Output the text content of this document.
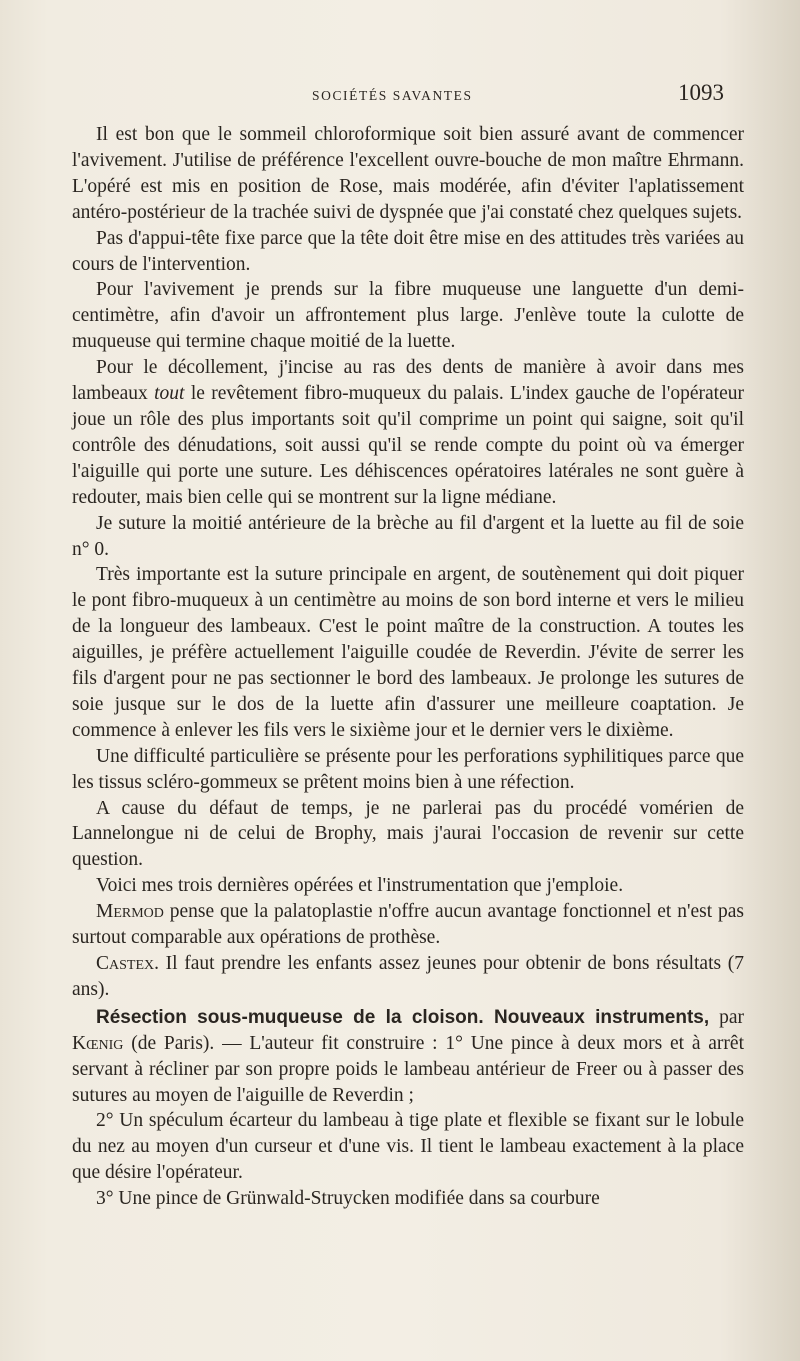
SOCIÉTÉS SAVANTES	1093

Il est bon que le sommeil chloroformique soit bien assuré avant de commencer l'avivement. J'utilise de préférence l'excellent ouvre-bouche de mon maître Ehrmann. L'opéré est mis en position de Rose, mais modérée, afin d'éviter l'aplatissement antéro-postérieur de la trachée suivi de dyspnée que j'ai constaté chez quelques sujets.

Pas d'appui-tête fixe parce que la tête doit être mise en des attitudes très variées au cours de l'intervention.

Pour l'avivement je prends sur la fibre muqueuse une languette d'un demi-centimètre, afin d'avoir un affrontement plus large. J'enlève toute la culotte de muqueuse qui termine chaque moitié de la luette.

Pour le décollement, j'incise au ras des dents de manière à avoir dans mes lambeaux tout le revêtement fibro-muqueux du palais. L'index gauche de l'opérateur joue un rôle des plus importants soit qu'il comprime un point qui saigne, soit qu'il contrôle des dénudations, soit aussi qu'il se rende compte du point où va émerger l'aiguille qui porte une suture. Les déhiscences opératoires latérales ne sont guère à redouter, mais bien celle qui se montrent sur la ligne médiane.

Je suture la moitié antérieure de la brèche au fil d'argent et la luette au fil de soie n° 0.

Très importante est la suture principale en argent, de soutènement qui doit piquer le pont fibro-muqueux à un centimètre au moins de son bord interne et vers le milieu de la longueur des lambeaux. C'est le point maître de la construction. A toutes les aiguilles, je préfère actuellement l'aiguille coudée de Reverdin. J'évite de serrer les fils d'argent pour ne pas sectionner le bord des lambeaux. Je prolonge les sutures de soie jusque sur le dos de la luette afin d'assurer une meilleure coaptation. Je commence à enlever les fils vers le sixième jour et le dernier vers le dixième.

Une difficulté particulière se présente pour les perforations syphilitiques parce que les tissus scléro-gommeux se prêtent moins bien à une réfection.

A cause du défaut de temps, je ne parlerai pas du procédé vomérien de Lannelongue ni de celui de Brophy, mais j'aurai l'occasion de revenir sur cette question.

Voici mes trois dernières opérées et l'instrumentation que j'emploie.

Mermod pense que la palatoplastie n'offre aucun avantage fonctionnel et n'est pas surtout comparable aux opérations de prothèse.

Castex. Il faut prendre les enfants assez jeunes pour obtenir de bons résultats (7 ans).

Résection sous-muqueuse de la cloison. Nouveaux instruments, par Kœnig (de Paris). — L'auteur fit construire : 1° Une pince à deux mors et à arrêt servant à récliner par son propre poids le lambeau antérieur de Freer ou à passer des sutures au moyen de l'aiguille de Reverdin ;

2° Un spéculum écarteur du lambeau à tige plate et flexible se fixant sur le lobule du nez au moyen d'un curseur et d'une vis. Il tient le lambeau exactement à la place que désire l'opérateur.

3° Une pince de Grünwald-Struycken modifiée dans sa courbure
